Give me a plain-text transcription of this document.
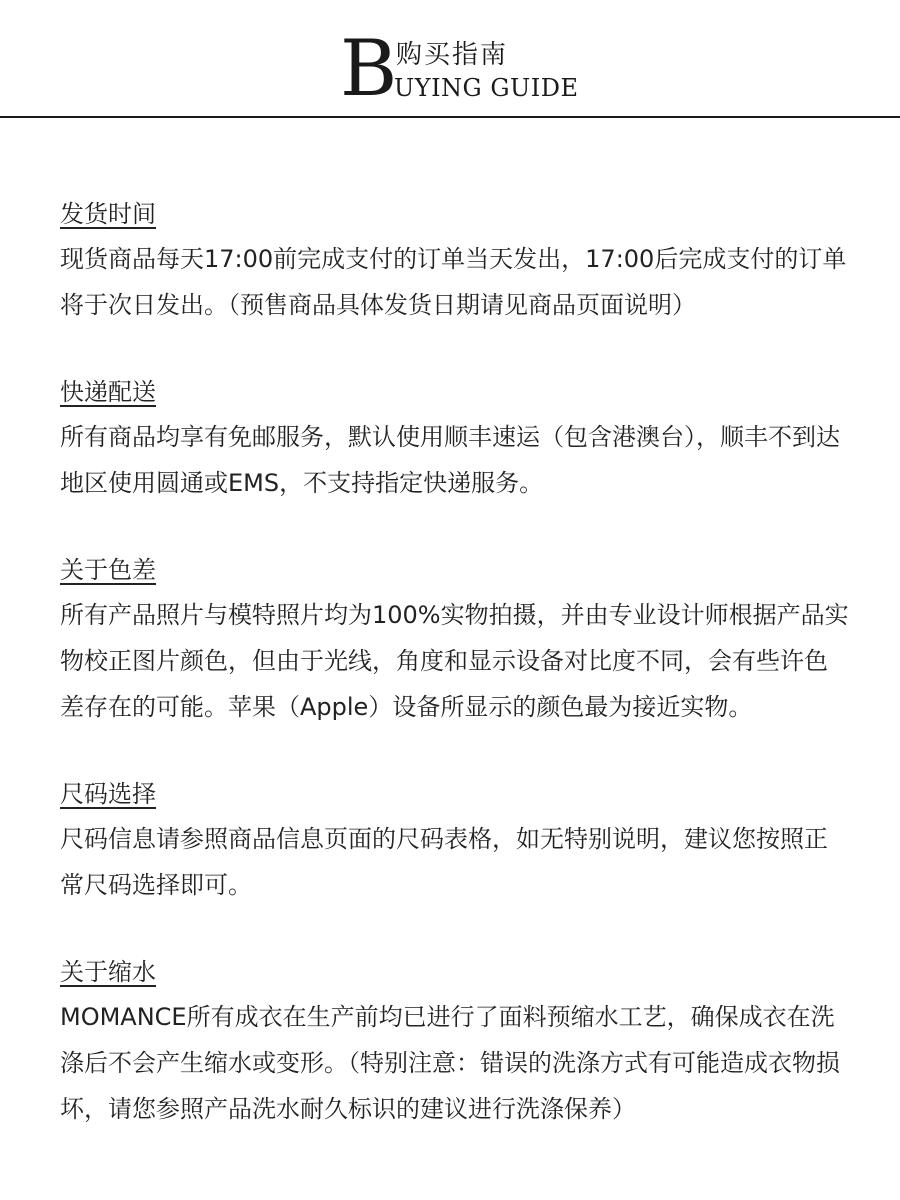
B
购买指南
UYING GUIDE
发货时间
现货商品每天17:00前完成支付的订单当天发出，17:00后完成支付的订单将于次日发出。（预售商品具体发货日期请见商品页面说明）
快递配送
所有商品均享有免邮服务，默认使用顺丰速运（包含港澳台），顺丰不到达地区使用圆通或EMS，不支持指定快递服务。
关于色差
所有产品照片与模特照片均为100%实物拍摄，并由专业设计师根据产品实物校正图片颜色，但由于光线，角度和显示设备对比度不同，会有些许色差存在的可能。苹果（Apple）设备所显示的颜色最为接近实物。
尺码选择
尺码信息请参照商品信息页面的尺码表格，如无特别说明，建议您按照正常尺码选择即可。
关于缩水
MOMANCE所有成衣在生产前均已进行了面料预缩水工艺，确保成衣在洗涤后不会产生缩水或变形。（特别注意：错误的洗涤方式有可能造成衣物损坏，请您参照产品洗水耐久标识的建议进行洗涤保养）
